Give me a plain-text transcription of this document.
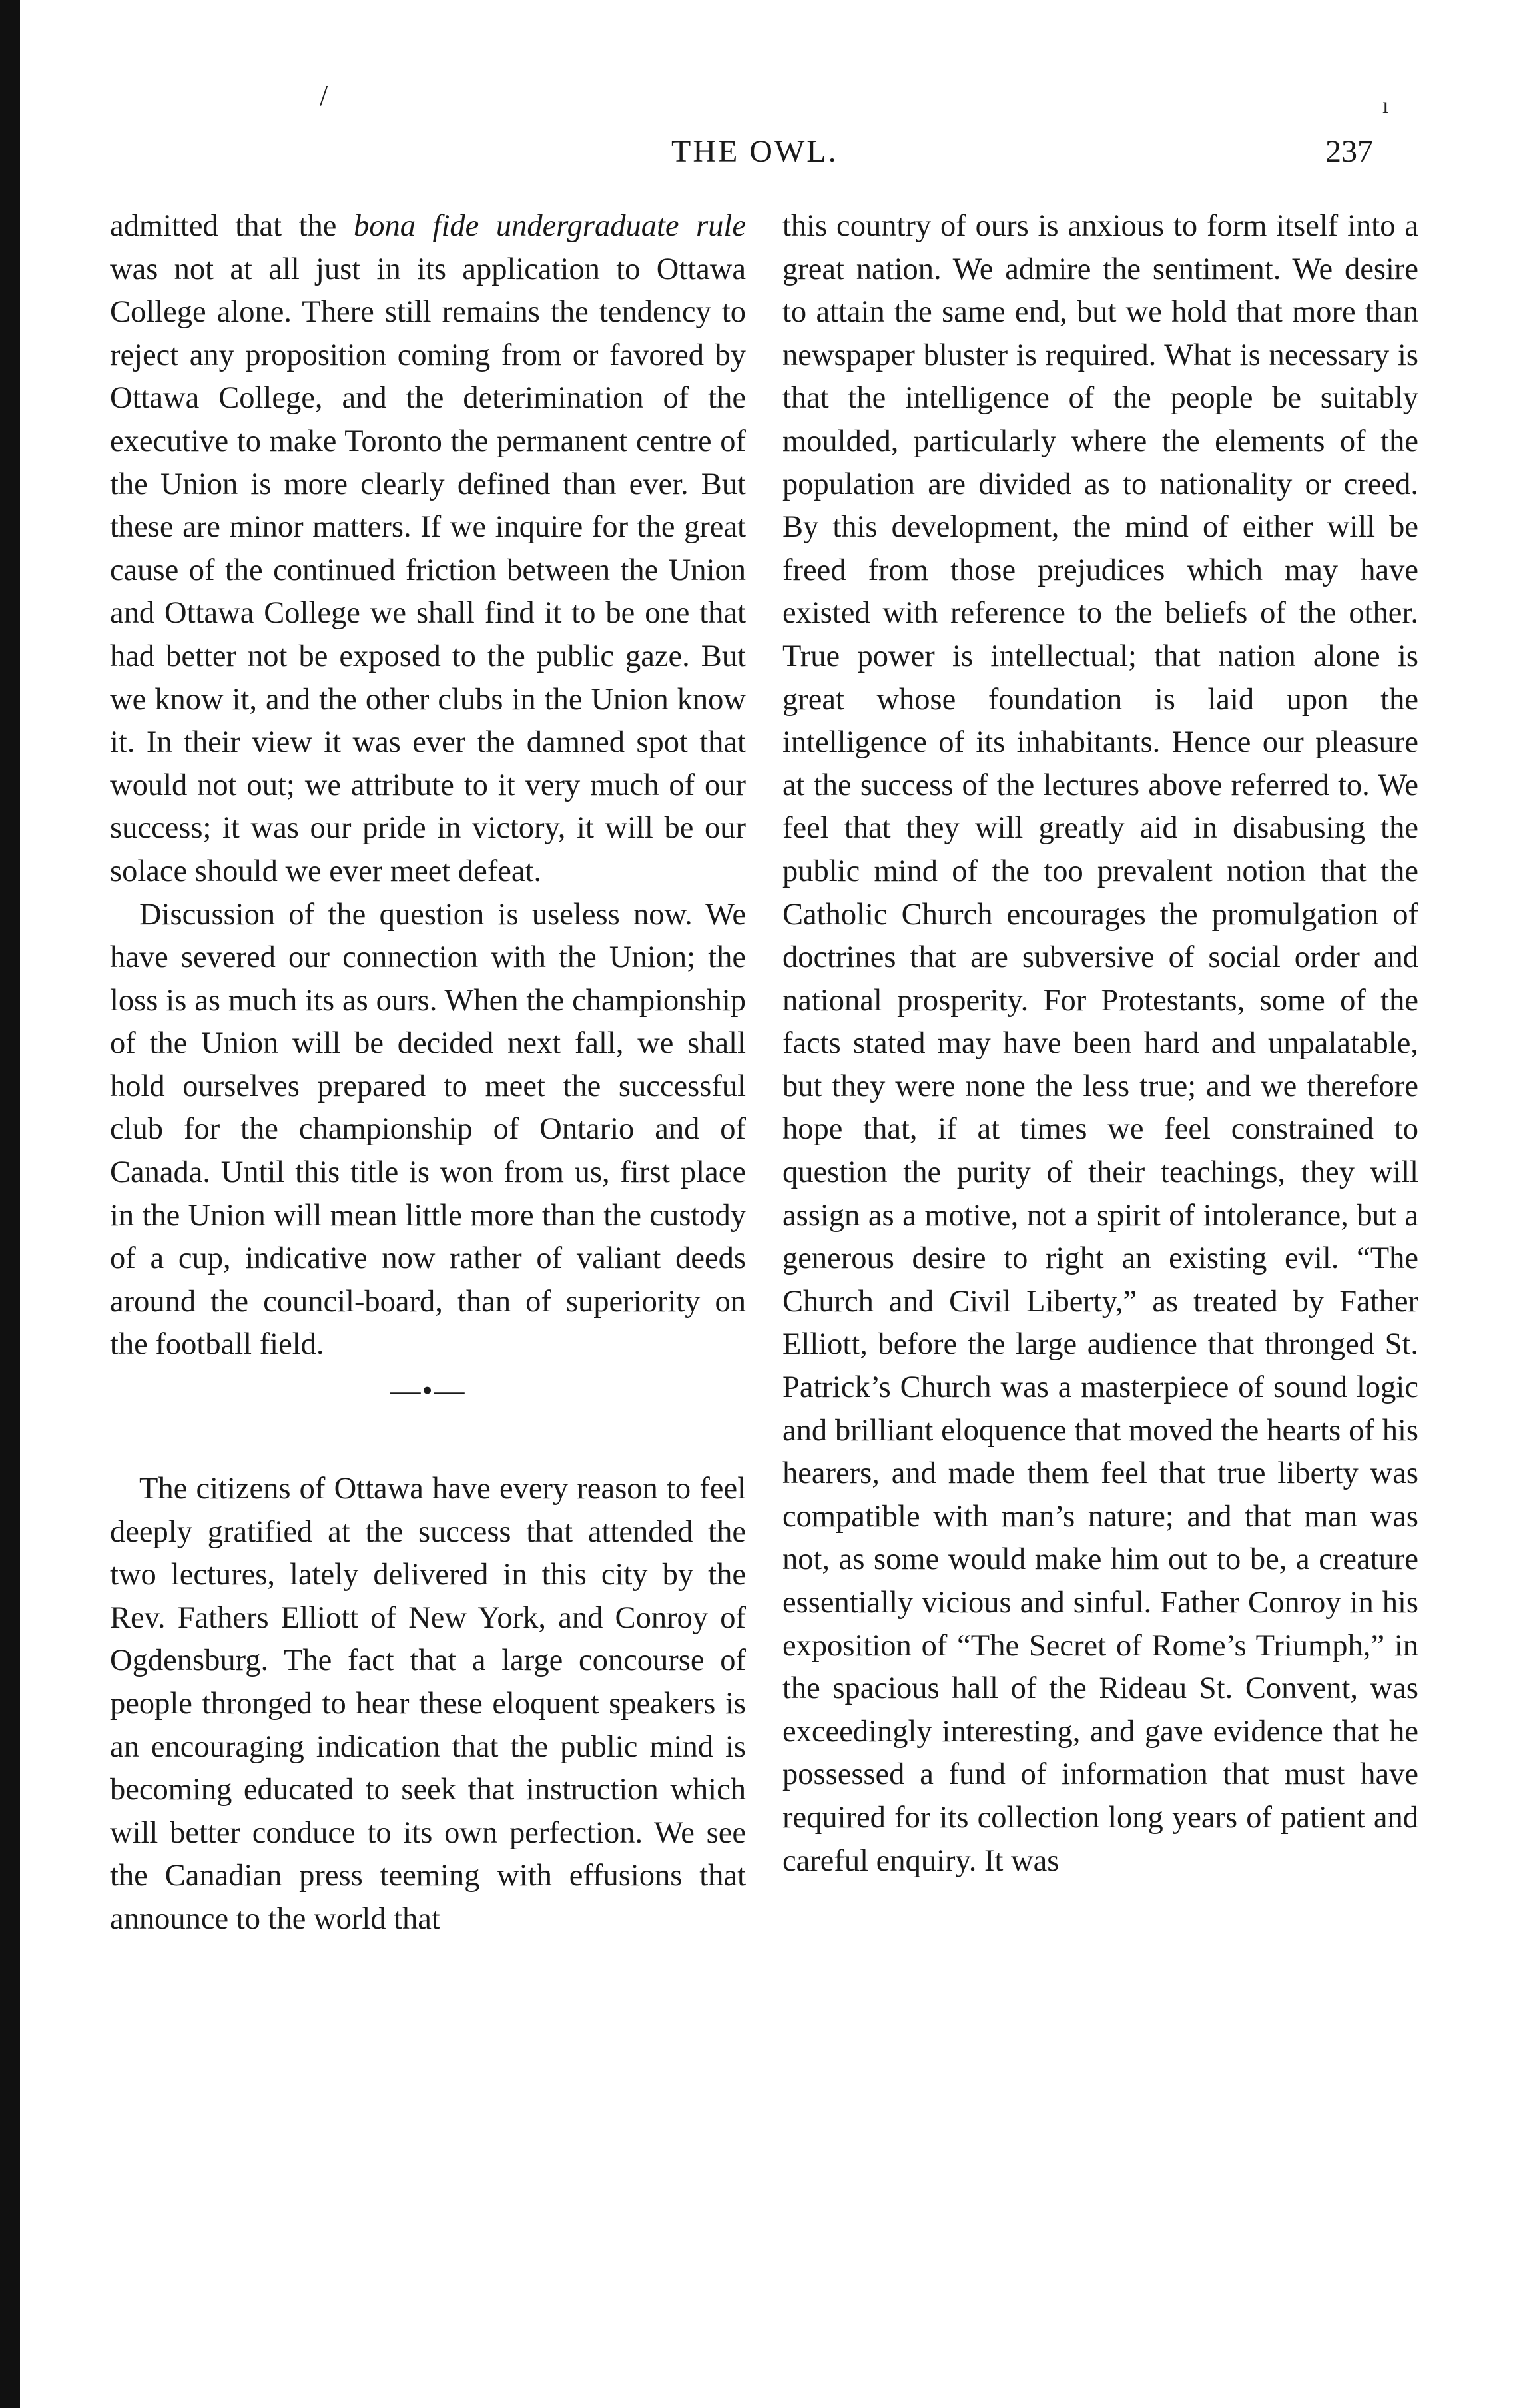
/	ı
THE OWL.	237

admitted that the bona fide undergraduate rule was not at all just in its application to Ottawa College alone. There still remains the tendency to reject any proposition coming from or favored by Ottawa College, and the deterimination of the executive to make Toronto the permanent centre of the Union is more clearly defined than ever. But these are minor matters. If we inquire for the great cause of the continued friction between the Union and Ottawa College we shall find it to be one that had better not be exposed to the public gaze. But we know it, and the other clubs in the Union know it. In their view it was ever the damned spot that would not out; we attribute to it very much of our success; it was our pride in victory, it will be our solace should we ever meet defeat.

Discussion of the question is useless now. We have severed our connection with the Union; the loss is as much its as ours. When the championship of the Union will be decided next fall, we shall hold ourselves prepared to meet the successful club for the championship of Ontario and of Canada. Until this title is won from us, first place in the Union will mean little more than the custody of a cup, indicative now rather of valiant deeds around the council-board, than of superiority on the football field.

—•—

The citizens of Ottawa have every reason to feel deeply gratified at the success that attended the two lectures, lately delivered in this city by the Rev. Fathers Elliott of New York, and Conroy of Ogdensburg. The fact that a large concourse of people thronged to hear these eloquent speakers is an encouraging indication that the public mind is becoming educated to seek that instruction which will better conduce to its own perfection. We see the Canadian press teeming with effusions that announce to the world that

this country of ours is anxious to form itself into a great nation. We admire the sentiment. We desire to attain the same end, but we hold that more than newspaper bluster is required. What is necessary is that the intelligence of the people be suitably moulded, particularly where the elements of the population are divided as to nationality or creed. By this development, the mind of either will be freed from those prejudices which may have existed with reference to the beliefs of the other. True power is intellectual; that nation alone is great whose foundation is laid upon the intelligence of its inhabitants. Hence our pleasure at the success of the lectures above referred to. We feel that they will greatly aid in disabusing the public mind of the too prevalent notion that the Catholic Church encourages the promulgation of doctrines that are subversive of social order and national prosperity. For Protestants, some of the facts stated may have been hard and unpalatable, but they were none the less true; and we therefore hope that, if at times we feel constrained to question the purity of their teachings, they will assign as a motive, not a spirit of intolerance, but a generous desire to right an existing evil. “The Church and Civil Liberty,” as treated by Father Elliott, before the large audience that thronged St. Patrick’s Church was a masterpiece of sound logic and brilliant eloquence that moved the hearts of his hearers, and made them feel that true liberty was compatible with man’s nature; and that man was not, as some would make him out to be, a creature essentially vicious and sinful. Father Conroy in his exposition of “The Secret of Rome’s Triumph,” in the spacious hall of the Rideau St. Convent, was exceedingly interesting, and gave evidence that he possessed a fund of information that must have required for its collection long years of patient and careful enquiry. It was
